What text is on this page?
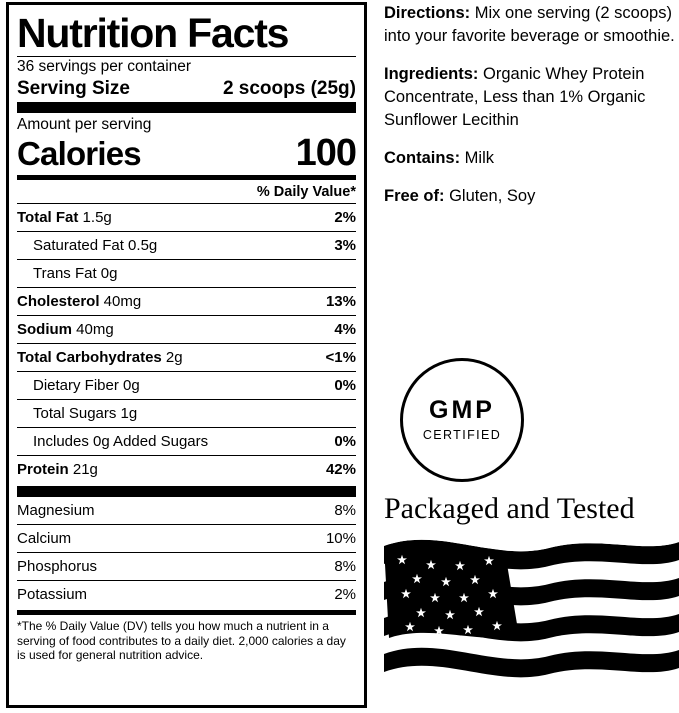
Nutrition Facts
36 servings per container
Serving Size	2 scoops (25g)
Amount per serving
Calories	100
% Daily Value*
Total Fat 1.5g	2%
Saturated Fat 0.5g	3%
Trans Fat 0g
Cholesterol 40mg	13%
Sodium 40mg	4%
Total Carbohydrates 2g	<1%
Dietary Fiber 0g	0%
Total Sugars 1g
Includes 0g Added Sugars	0%
Protein 21g	42%
Magnesium	8%
Calcium	10%
Phosphorus	8%
Potassium	2%
*The % Daily Value (DV) tells you how much a nutrient in a serving of food contributes to a daily diet. 2,000 calories a day is used for general nutrition advice.

Directions: Mix one serving (2 scoops) into your favorite beverage or smoothie.

Ingredients: Organic Whey Protein Concentrate, Less than 1% Organic Sunflower Lecithin

Contains: Milk

Free of: Gluten, Soy

GMP
CERTIFIED
Packaged and Tested
